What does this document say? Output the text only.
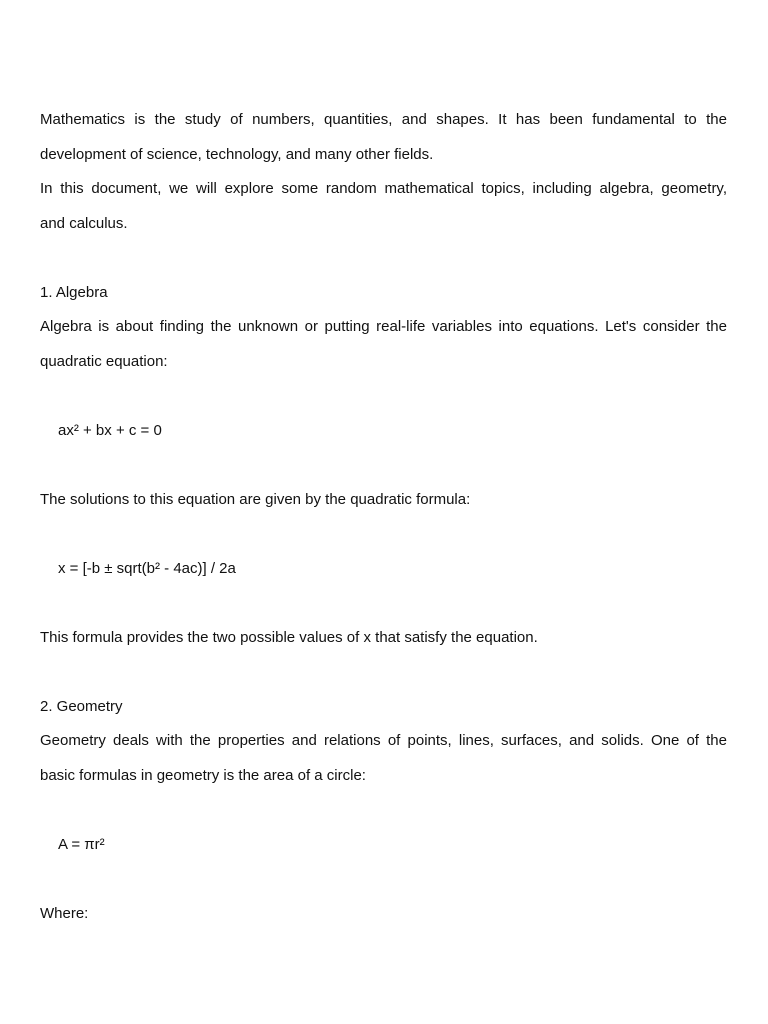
Mathematics is the study of numbers, quantities, and shapes. It has been fundamental to the
development of science, technology, and many other fields.
In this document, we will explore some random mathematical topics, including algebra, geometry,
and calculus.
1. Algebra
Algebra is about finding the unknown or putting real-life variables into equations. Let's consider the
quadratic equation:
ax² + bx + c = 0
The solutions to this equation are given by the quadratic formula:
x = [-b ± sqrt(b² - 4ac)] / 2a
This formula provides the two possible values of x that satisfy the equation.
2. Geometry
Geometry deals with the properties and relations of points, lines, surfaces, and solids. One of the
basic formulas in geometry is the area of a circle:
A = πr²
Where:
